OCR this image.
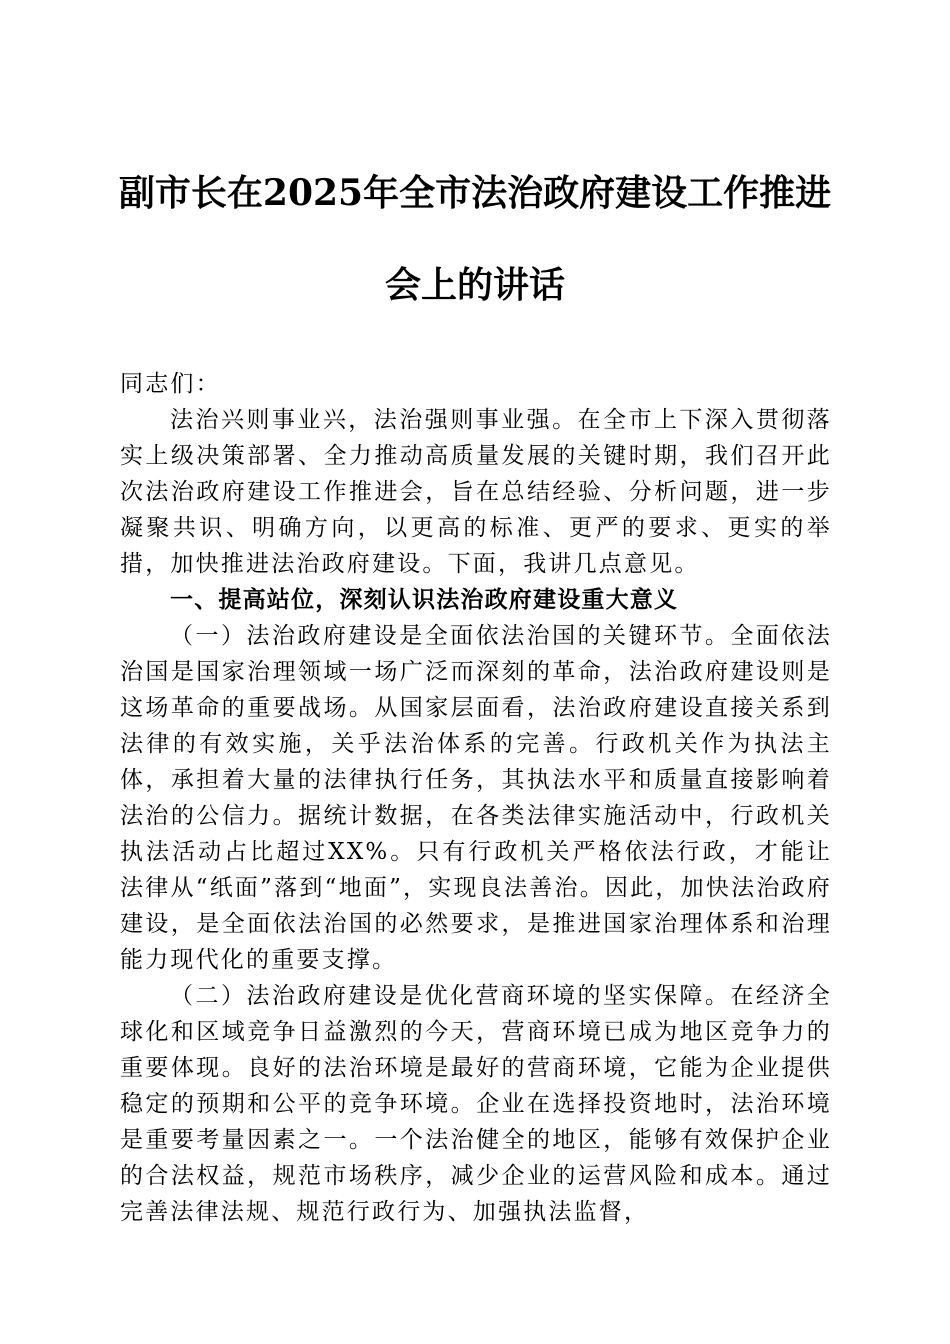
副市长在2025年全市法治政府建设工作推进
会上的讲话

同志们：

法治兴则事业兴，法治强则事业强。在全市上下深入贯彻落实上级决策部署、全力推动高质量发展的关键时期，我们召开此次法治政府建设工作推进会，旨在总结经验、分析问题，进一步凝聚共识、明确方向，以更高的标准、更严的要求、更实的举措，加快推进法治政府建设。下面，我讲几点意见。

一、提高站位，深刻认识法治政府建设重大意义

（一）法治政府建设是全面依法治国的关键环节。全面依法治国是国家治理领域一场广泛而深刻的革命，法治政府建设则是这场革命的重要战场。从国家层面看，法治政府建设直接关系到法律的有效实施，关乎法治体系的完善。行政机关作为执法主体，承担着大量的法律执行任务，其执法水平和质量直接影响着法治的公信力。据统计数据，在各类法律实施活动中，行政机关执法活动占比超过XX%。只有行政机关严格依法行政，才能让法律从“纸面”落到“地面”，实现良法善治。因此，加快法治政府建设，是全面依法治国的必然要求，是推进国家治理体系和治理能力现代化的重要支撑。

（二）法治政府建设是优化营商环境的坚实保障。在经济全球化和区域竞争日益激烈的今天，营商环境已成为地区竞争力的重要体现。良好的法治环境是最好的营商环境，它能为企业提供稳定的预期和公平的竞争环境。企业在选择投资地时，法治环境是重要考量因素之一。一个法治健全的地区，能够有效保护企业的合法权益，规范市场秩序，减少企业的运营风险和成本。通过完善法律法规、规范行政行为、加强执法监督，
